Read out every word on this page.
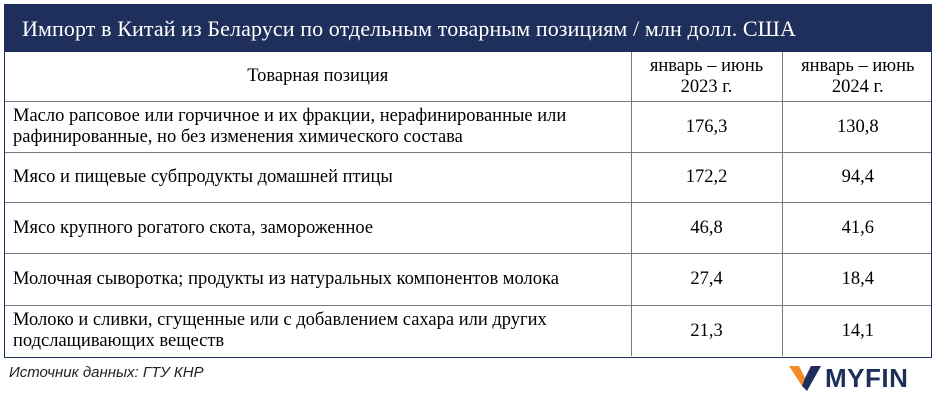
Импорт в Китай из Беларуси по отдельным товарным позициям / млн долл. США
Товарная позиция	январь – июнь 2023 г.	январь – июнь 2024 г.
Масло рапсовое или горчичное и их фракции, нерафинированные или рафинированные, но без изменения химического состава	176,3	130,8
Мясо и пищевые субпродукты домашней птицы	172,2	94,4
Мясо крупного рогатого скота, замороженное	46,8	41,6
Молочная сыворотка; продукты из натуральных компонентов молока	27,4	18,4
Молоко и сливки, сгущенные или с добавлением сахара или других подслащивающих веществ	21,3	14,1
Источник данных: ГТУ КНР	MYFIN
